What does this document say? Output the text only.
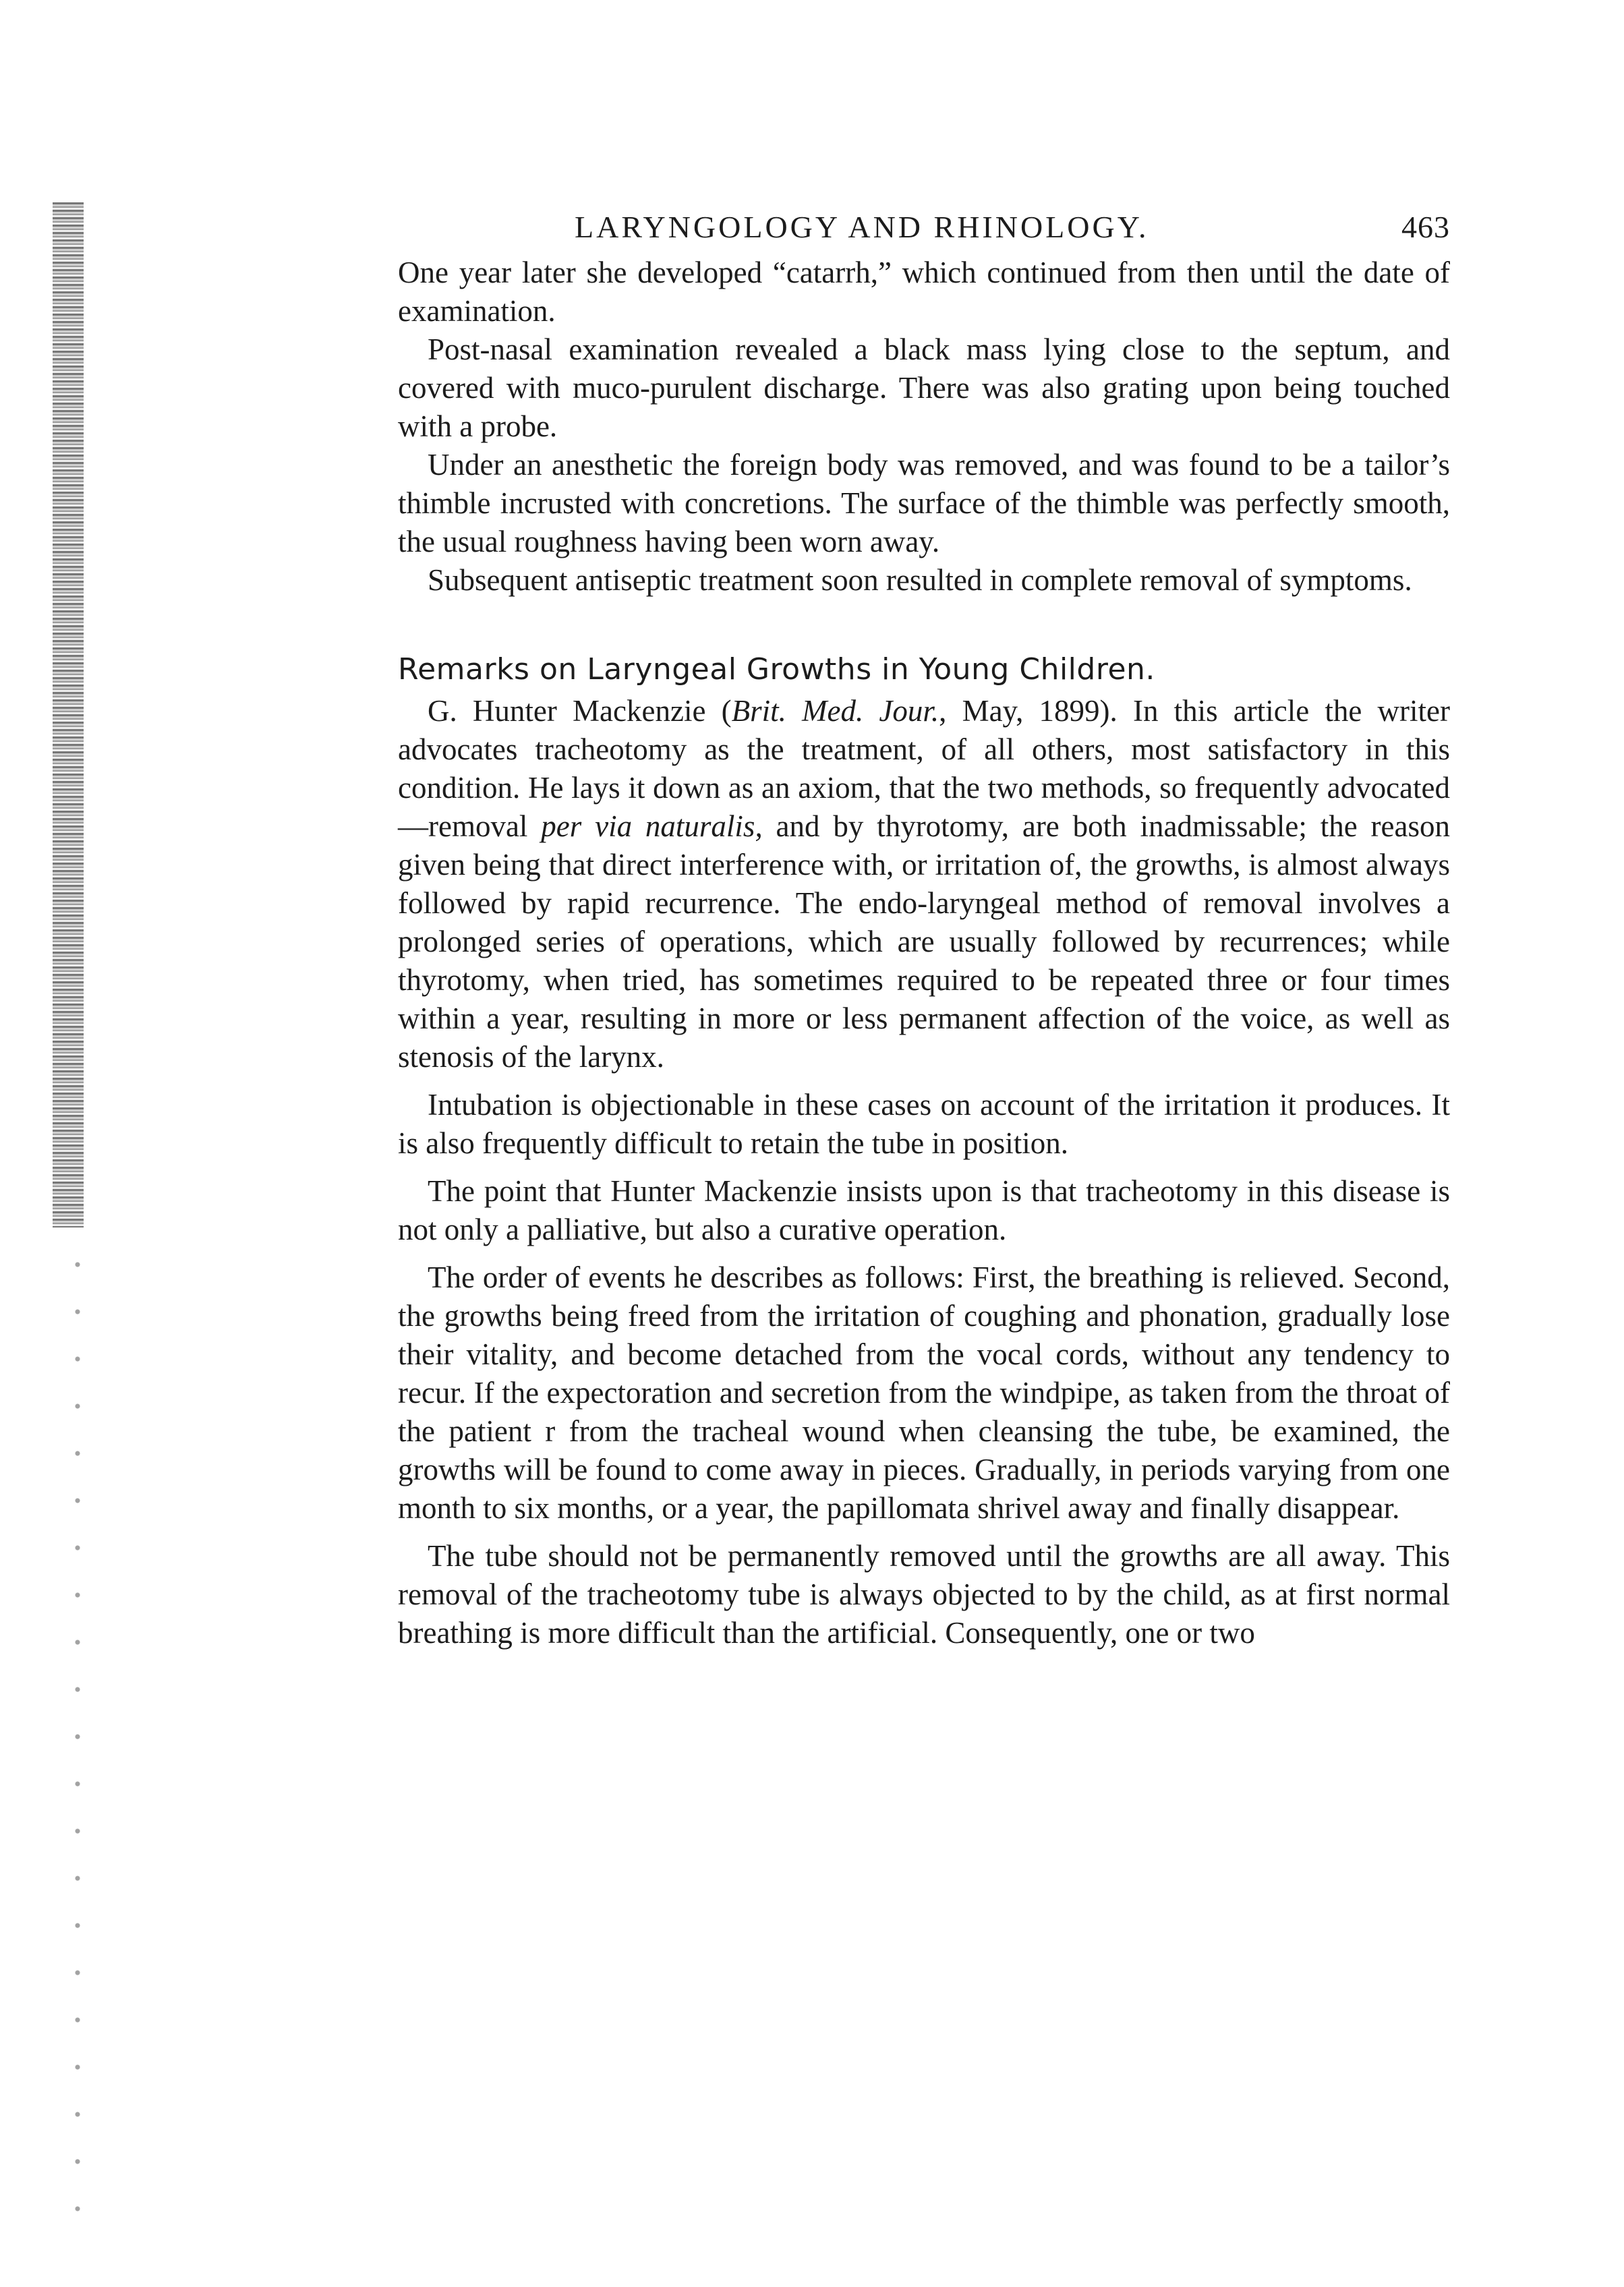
LARYNGOLOGY AND RHINOLOGY.	463

One year later she developed “catarrh,” which continued from then until the date of examination.

Post-nasal examination revealed a black mass lying close to the septum, and covered with muco-purulent discharge. There was also grating upon being touched with a probe.

Under an anesthetic the foreign body was removed, and was found to be a tailor’s thimble incrusted with concretions. The surface of the thimble was perfectly smooth, the usual roughness having been worn away.

Subsequent antiseptic treatment soon resulted in complete removal of symptoms.

Remarks on Laryngeal Growths in Young Children.

G. Hunter Mackenzie (Brit. Med. Jour., May, 1899). In this article the writer advocates tracheotomy as the treatment, of all others, most satisfactory in this condition. He lays it down as an axiom, that the two methods, so frequently advocated—removal per via naturalis, and by thyrotomy, are both inadmissable; the reason given being that direct interference with, or irritation of, the growths, is almost always followed by rapid recurrence. The endo-laryngeal method of removal involves a prolonged series of operations, which are usually followed by recurrences; while thyrotomy, when tried, has sometimes required to be repeated three or four times within a year, resulting in more or less permanent affection of the voice, as well as stenosis of the larynx.

Intubation is objectionable in these cases on account of the irritation it produces. It is also frequently difficult to retain the tube in position.

The point that Hunter Mackenzie insists upon is that tracheotomy in this disease is not only a palliative, but also a curative operation.

The order of events he describes as follows: First, the breathing is relieved. Second, the growths being freed from the irritation of coughing and phonation, gradually lose their vitality, and become detached from the vocal cords, without any tendency to recur. If the expectoration and secretion from the windpipe, as taken from the throat of the patient r from the tracheal wound when cleansing the tube, be examined, the growths will be found to come away in pieces. Gradually, in periods varying from one month to six months, or a year, the papillomata shrivel away and finally disappear.

The tube should not be permanently removed until the growths are all away. This removal of the tracheotomy tube is always objected to by the child, as at first normal breathing is more difficult than the artificial. Consequently, one or two
